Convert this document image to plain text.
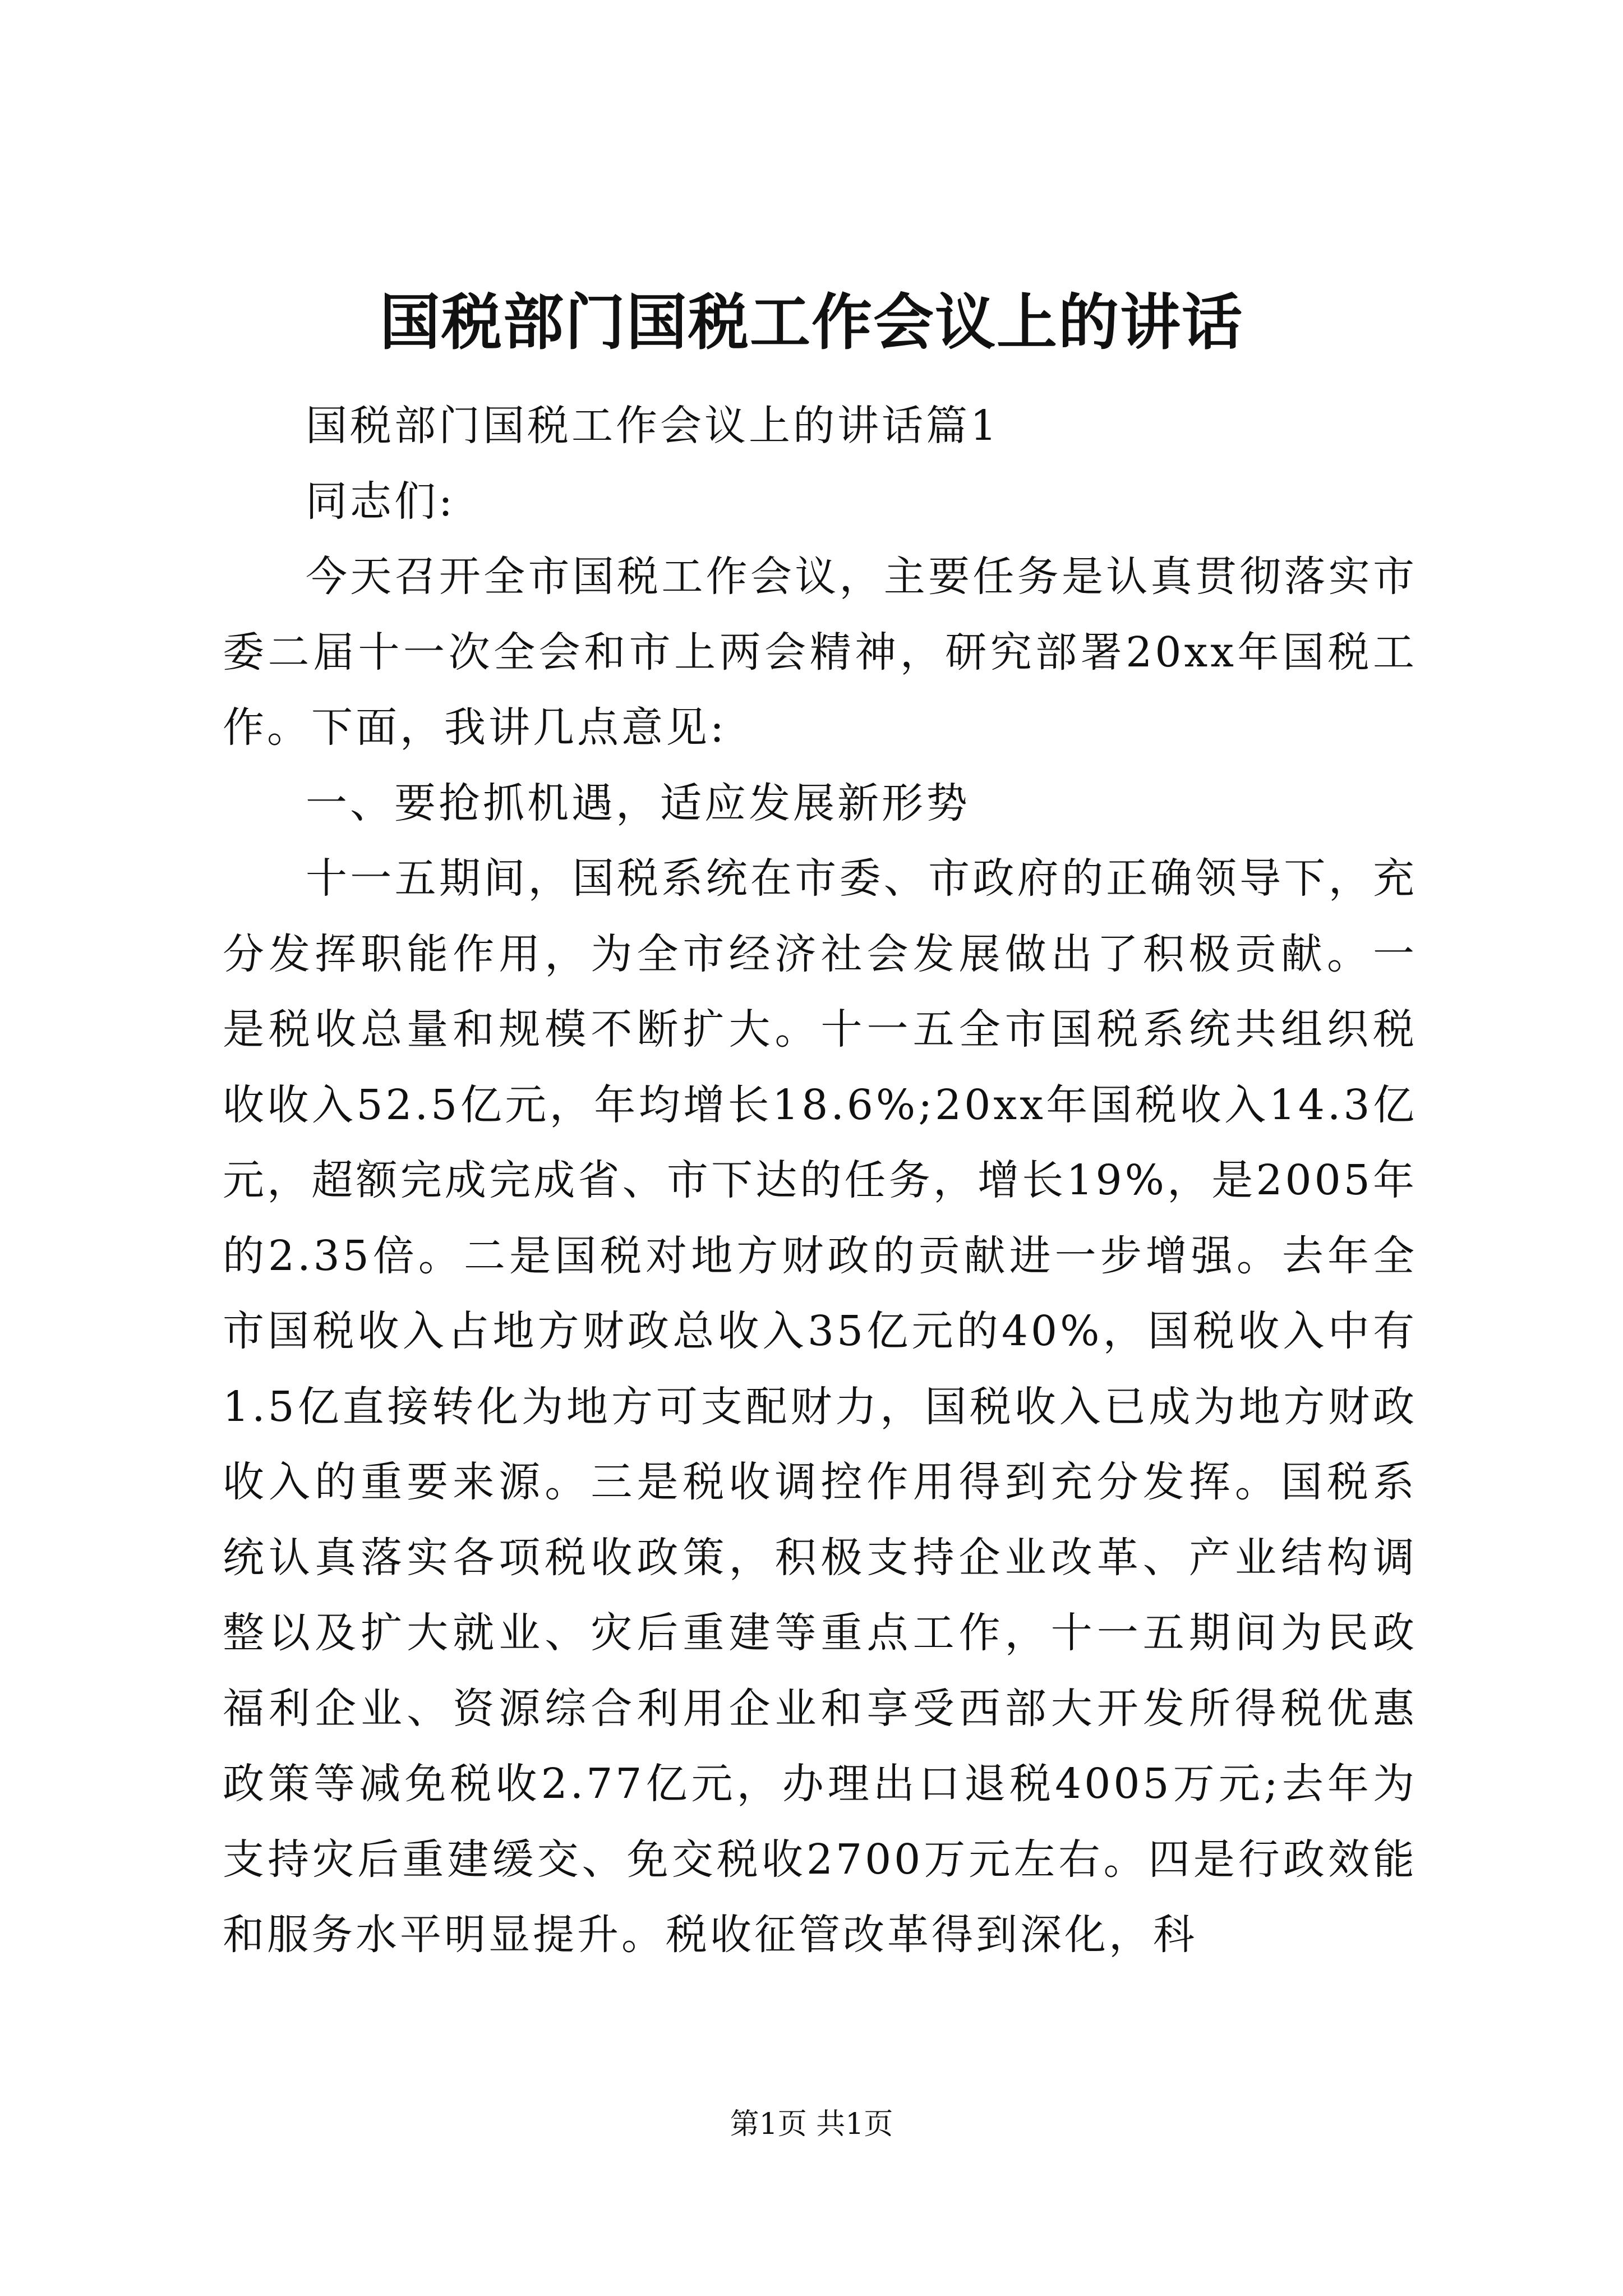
国税部门国税工作会议上的讲话

国税部门国税工作会议上的讲话篇1

同志们:

今天召开全市国税工作会议，主要任务是认真贯彻落实市委二届十一次全会和市上两会精神，研究部署20xx年国税工作。下面，我讲几点意见:

一、要抢抓机遇，适应发展新形势

十一五期间，国税系统在市委、市政府的正确领导下，充分发挥职能作用，为全市经济社会发展做出了积极贡献。一是税收总量和规模不断扩大。十一五全市国税系统共组织税收收入52.5亿元，年均增长18.6%;20xx年国税收入14.3亿元，超额完成完成省、市下达的任务，增长19%，是2005年的2.35倍。二是国税对地方财政的贡献进一步增强。去年全市国税收入占地方财政总收入35亿元的40%，国税收入中有1.5亿直接转化为地方可支配财力，国税收入已成为地方财政收入的重要来源。三是税收调控作用得到充分发挥。国税系统认真落实各项税收政策，积极支持企业改革、产业结构调整以及扩大就业、灾后重建等重点工作，十一五期间为民政福利企业、资源综合利用企业和享受西部大开发所得税优惠政策等减免税收2.77亿元，办理出口退税4005万元;去年为支持灾后重建缓交、免交税收2700万元左右。四是行政效能和服务水平明显提升。税收征管改革得到深化，科

第1页 共1页
